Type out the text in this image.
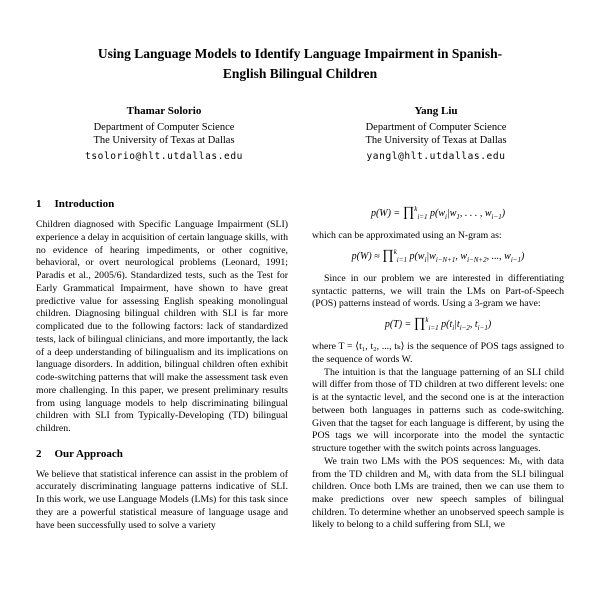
Using Language Models to Identify Language Impairment in Spanish-English Bilingual Children
Thamar Solorio
Department of Computer Science
The University of Texas at Dallas
tsolorio@hlt.utdallas.edu
Yang Liu
Department of Computer Science
The University of Texas at Dallas
yangl@hlt.utdallas.edu
1 Introduction

Children diagnosed with Specific Language Impairment (SLI) experience a delay in acquisition of certain language skills, with no evidence of hearing impediments, or other cognitive, behavioral, or overt neurological problems (Leonard, 1991; Paradis et al., 2005/6). Standardized tests, such as the Test for Early Grammatical Impairment, have shown to have great predictive value for assessing English speaking monolingual children. Diagnosing bilingual children with SLI is far more complicated due to the following factors: lack of standardized tests, lack of bilingual clinicians, and more importantly, the lack of a deep understanding of bilingualism and its implications on language disorders. In addition, bilingual children often exhibit code-switching patterns that will make the assessment task even more challenging. In this paper, we present preliminary results from using language models to help discriminating bilingual children with SLI from Typically-Developing (TD) bilingual children.

2 Our Approach

We believe that statistical inference can assist in the problem of accurately discriminating language patterns indicative of SLI. In this work, we use Language Models (LMs) for this task since they are a powerful statistical measure of language usage and have been successfully used to solve a variety

p(W) = ∏$^k_{i=1}$ $p(w_i|w_1$, . . . , $w_{i-1}$)

which can be approximated using an N-gram as:

p(W) ≈ ∏$^k_{i=1}$ $p(w_i|w_{i-N+1}$, $w_{i-N+2}$, ..., $w_{i-1}$)

Since in our problem we are interested in differentiating syntactic patterns, we will train the LMs on Part-of-Speech (POS) patterns instead of words. Using a 3-gram we have:

p(T) = ∏$^k_{i=1}$ $p(t_i|t_{i-2}$, $t_{i-1}$)

where T = ⟨t₁, t₂, ..., tₖ⟩ is the sequence of POS tags assigned to the sequence of words W.

The intuition is that the language patterning of an SLI child will differ from those of TD children at two different levels: one is at the syntactic level, and the second one is at the interaction between both languages in patterns such as code-switching. Given that the tagset for each language is different, by using the POS tags we will incorporate into the model the syntactic structure together with the switch points across languages.

We train two LMs with the POS sequences: Mₜ, with data from the TD children and Mᵢ, with data from the SLI bilingual children. Once both LMs are trained, then we can use them to make predictions over new speech samples of bilingual children. To determine whether an unobserved speech sample is likely to belong to a child suffering from SLI, we
